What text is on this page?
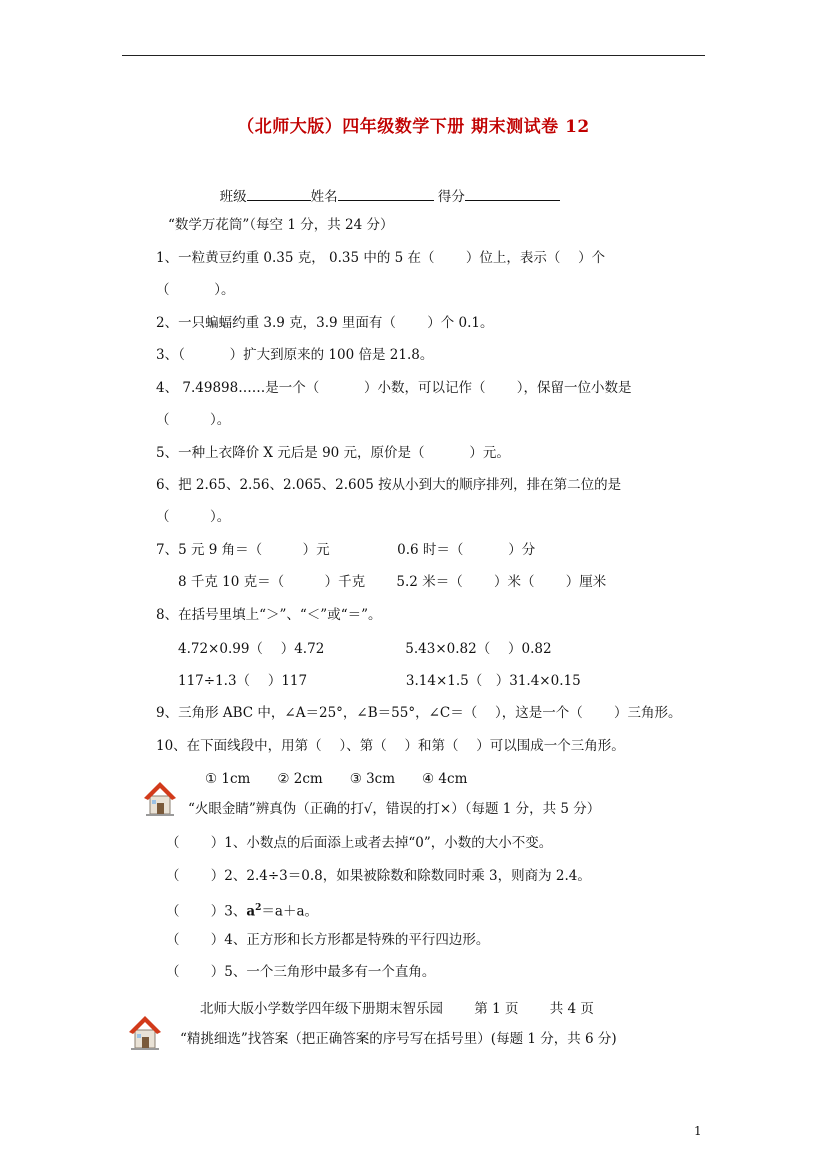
（北师大版）四年级数学下册 期末测试卷 12

班级	姓名	得分

“数学万花筒”（每空 1 分，共 24 分）
1、一粒黄豆约重 0.35 克， 0.35 中的 5 在（　　 ）位上，表示（　 ）个
（　　　 ）。
2、一只蝙蝠约重 3.9 克，3.9 里面有（　　 ）个 0.1。
3、（　　　 ）扩大到原来的 100 倍是 21.8。
4、 7.49898……是一个（　　　 ）小数，可以记作（　　 ），保留一位小数是
（　　　）。
5、一种上衣降价 X 元后是 90 元，原价是（　　　 ）元。
6、把 2.65、2.56、2.065、2.605 按从小到大的顺序排列，排在第二位的是
（　　　）。
7、5 元 9 角＝（　　　）元　　　　　0.6 时＝（　　　 ）分
8 千克 10 克＝（　　　）千克　　 5.2 米＝（　　 ）米（　　 ）厘米
8、在括号里填上“＞”、“＜”或“＝”。
4.72×0.99（　 ）4.72　　　　　　5.43×0.82（　 ）0.82
117÷1.3（　 ）117　　　　　　　 3.14×1.5（　）31.4×0.15
9、三角形 ABC 中，∠A＝25°，∠B＝55°，∠C＝（　 ），这是一个（　　 ）三角形。
10、在下面线段中，用第（　 ）、第（　 ）和第（　 ）可以围成一个三角形。
① 1cm　　② 2cm　　③ 3cm　　④ 4cm
“火眼金睛”辨真伪（正确的打√，错误的打×）（每题 1 分，共 5 分）
（　　 ）1、小数点的后面添上或者去掉“0”，小数的大小不变。
（　　 ）2、2.4÷3＝0.8，如果被除数和除数同时乘 3，则商为 2.4。
（　　 ）3、$a^2=a+a$。
（　　 ）4、正方形和长方形都是特殊的平行四边形。
（　　 ）5、一个三角形中最多有一个直角。
北师大版小学数学四年级下册期末智乐园　　 第 1 页　　 共 4 页
“精挑细选”找答案（把正确答案的序号写在括号里）(每题 1 分，共 6 分)
1
